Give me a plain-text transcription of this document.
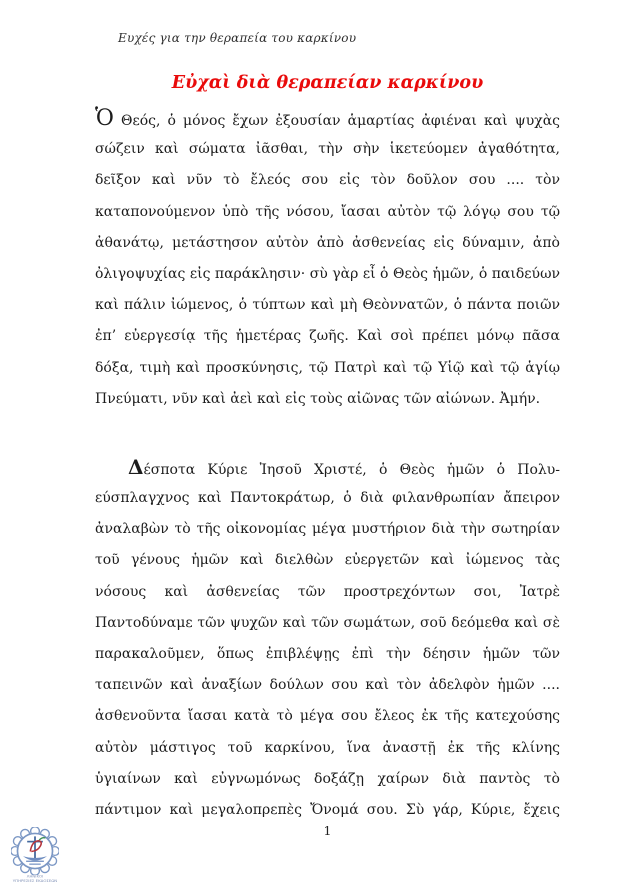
Ευχές για την θεραπεία του καρκίνου
Εὐχαὶ διὰ θεραπείαν καρκίνου
Ὁ Θεός, ὁ μόνος ἔχων ἐξουσίαν ἁμαρτίας ἀφιέναι καὶ ψυχὰς
σώζειν καὶ σώματα ἰᾶσθαι, τὴν σὴν ἱκετεύομεν ἀγαθότητα,
δεῖξον καὶ νῦν τὸ ἔλεός σου εἰς τὸν δοῦλον σου .... τὸν
καταπονούμενον ὑπὸ τῆς νόσου, ἴασαι αὐτὸν τῷ λόγῳ σου τῷ
ἀθανάτῳ, μετάστησον αὐτὸν ἀπὸ ἀσθενείας εἰς δύναμιν, ἀπὸ
ὀλιγοψυχίας εἰς παράκλησιν· σὺ γὰρ εἶ ὁ Θεὸς ἡμῶν, ὁ παιδεύων
καὶ πάλιν ἰώμενος, ὁ τύπτων καὶ μὴ Θεὸννατῶν, ὁ πάντα ποιῶν
ἐπ’ εὐεργεσίᾳ τῆς ἡμετέρας ζωῆς. Καὶ σοὶ πρέπει μόνῳ πᾶσα
δόξα, τιμὴ καὶ προσκύνησις, τῷ Πατρὶ καὶ τῷ Υἱῷ καὶ τῷ ἁγίῳ
Πνεύματι, νῦν καὶ ἀεὶ καὶ εἰς τοὺς αἰῶνας τῶν αἰώνων. Ἀμήν.
Δέσποτα Κύριε Ἰησοῦ Χριστέ, ὁ Θεὸς ἡμῶν ὁ Πολυ-
εύσπλαγχνος καὶ Παντοκράτωρ, ὁ διὰ φιλανθρωπίαν ἄπειρον
ἀναλαβὼν τὸ τῆς οἰκονομίας μέγα μυστήριον διὰ τὴν σωτηρίαν
τοῦ γένους ἡμῶν καὶ διελθὼν εὐεργετῶν καὶ ἰώμενος τὰς
νόσους καὶ ἀσθενείας τῶν προστρεχόντων σοι, Ἰατρὲ
Παντοδύναμε τῶν ψυχῶν καὶ τῶν σωμάτων, σοῦ δεόμεθα καὶ σὲ
παρακαλοῦμεν, ὅπως ἐπιβλέψῃς ἐπὶ τὴν δέησιν ἡμῶν τῶν
ταπεινῶν καὶ ἀναξίων δούλων σου καὶ τὸν ἀδελφὸν ἡμῶν ....
ἀσθενοῦντα ἴασαι κατὰ τὸ μέγα σου ἔλεος ἐκ τῆς κατεχούσης
αὐτὸν μάστιγος τοῦ καρκίνου, ἵνα ἀναστῇ ἐκ τῆς κλίνης
ὑγιαίνων καὶ εὐγνωμόνως δοξάζῃ χαίρων διὰ παντὸς τὸ
πάντιμον καὶ μεγαλοπρεπὲς Ὄνομά σου. Σὺ γάρ, Κύριε, ἔχεις
1
ΛΗΝΙΚΟΙ
ΥΠΗΡΕΣΙΕΣ ΕΚΔΟΣΕΩΝ
